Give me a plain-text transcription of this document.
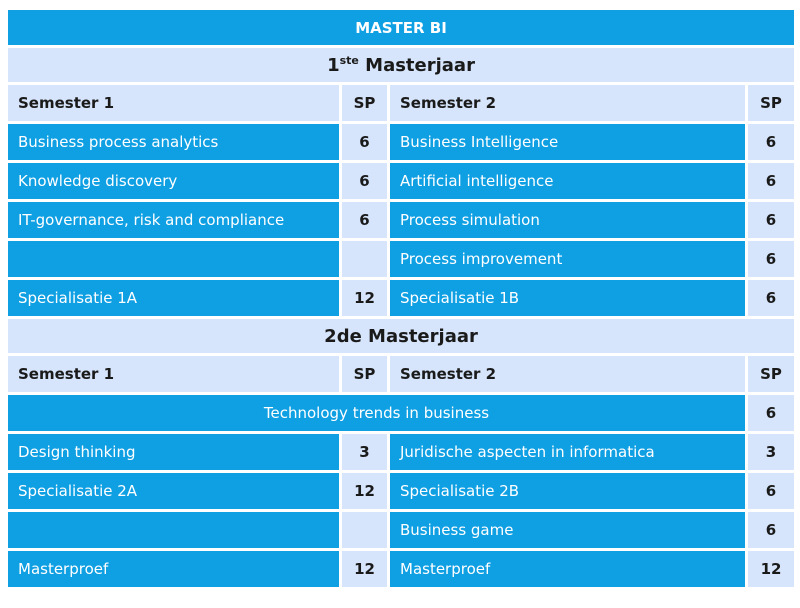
MASTER BI			
1ste Masterjaar			
Semester 1	SP	Semester 2	SP
Business process analytics	6	Business Intelligence	6
Knowledge discovery	6	Artificial intelligence	6
IT-governance, risk and compliance	6	Process simulation	6
		Process improvement	6
Specialisatie 1A	12	Specialisatie 1B	6
2de Masterjaar			
Semester 1	SP	Semester 2	SP
Technology trends in business			6
Design thinking	3	Juridische aspecten in informatica	3
Specialisatie 2A	12	Specialisatie 2B	6
		Business game	6
Masterproef	12	Masterproef	12
